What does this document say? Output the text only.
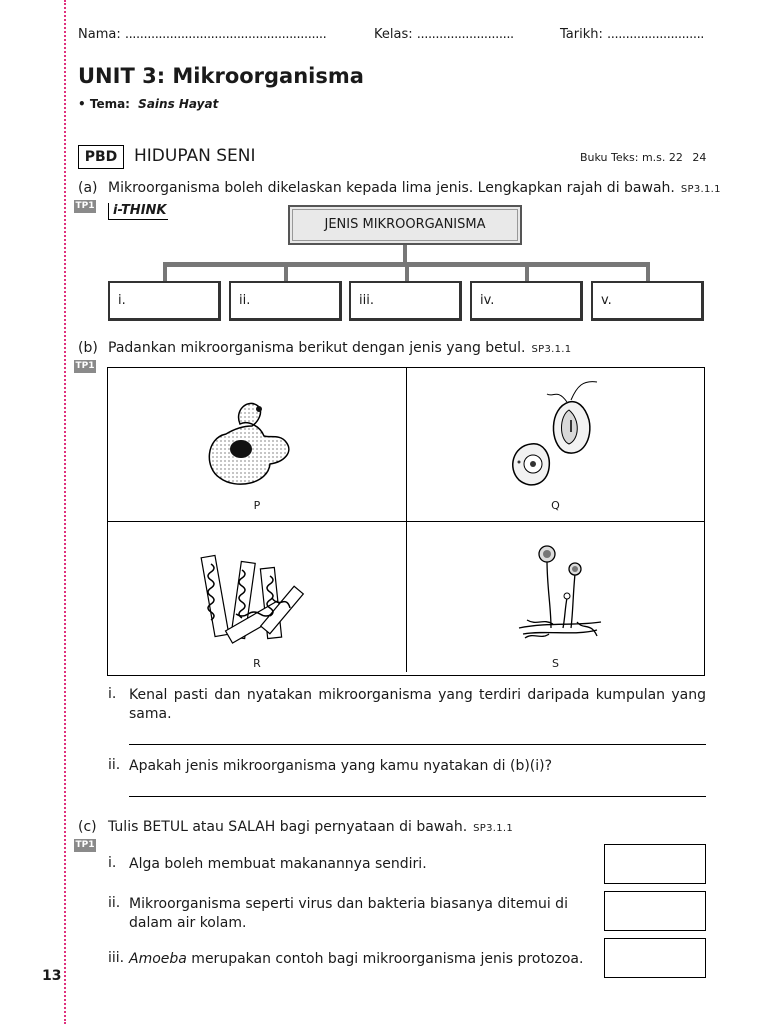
13
Nama: ......................................................	Kelas: ..........................	Tarikh: ..........................
UNIT 3: Mikroorganisma
• Tema: Sains Hayat
PBD HIDUPAN SENI	Buku Teks: m.s. 22 24
(a) Mikroorganisma boleh dikelaskan kepada lima jenis. Lengkapkan rajah di bawah. SP3.1.1
TP1	i-THINK
JENIS MIKROORGANISMA
i.	ii.	iii.	iv.	v.
(b) Padankan mikroorganisma berikut dengan jenis yang betul. SP3.1.1
TP1
P	Q
R	S
i. Kenal pasti dan nyatakan mikroorganisma yang terdiri daripada kumpulan yang sama.
ii. Apakah jenis mikroorganisma yang kamu nyatakan di (b)(i)?
(c) Tulis BETUL atau SALAH bagi pernyataan di bawah. SP3.1.1
TP1
i. Alga boleh membuat makanannya sendiri.
ii. Mikroorganisma seperti virus dan bakteria biasanya ditemui di
dalam air kolam.
iii. Amoeba merupakan contoh bagi mikroorganisma jenis protozoa.
